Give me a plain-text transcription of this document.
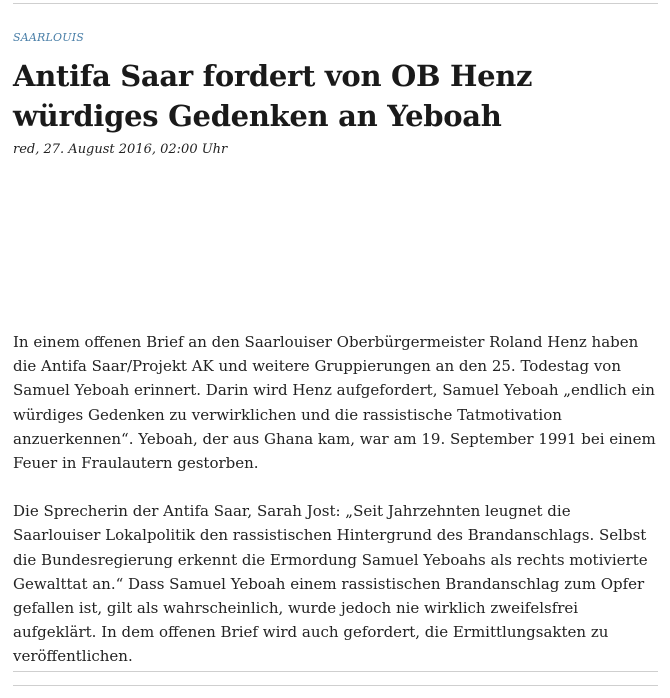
SAARLOUIS
Antifa Saar fordert von OB Henz würdiges Gedenken an Yeboah
red, 27. August 2016, 02:00 Uhr

In einem offenen Brief an den Saarlouiser Oberbürgermeister Roland Henz haben die Antifa Saar/Projekt AK und weitere Gruppierungen an den 25. Todestag von Samuel Yeboah erinnert. Darin wird Henz aufgefordert, Samuel Yeboah „endlich ein würdiges Gedenken zu verwirklichen und die rassistische Tatmotivation anzuerkennen“. Yeboah, der aus Ghana kam, war am 19. September 1991 bei einem Feuer in Fraulautern gestorben.

Die Sprecherin der Antifa Saar, Sarah Jost: „Seit Jahrzehnten leugnet die Saarlouiser Lokalpolitik den rassistischen Hintergrund des Brandanschlags. Selbst die Bundesregierung erkennt die Ermordung Samuel Yeboahs als rechts motivierte Gewalttat an.“ Dass Samuel Yeboah einem rassistischen Brandanschlag zum Opfer gefallen ist, gilt als wahrscheinlich, wurde jedoch nie wirklich zweifelsfrei aufgeklärt. In dem offenen Brief wird auch gefordert, die Ermittlungsakten zu veröffentlichen.
